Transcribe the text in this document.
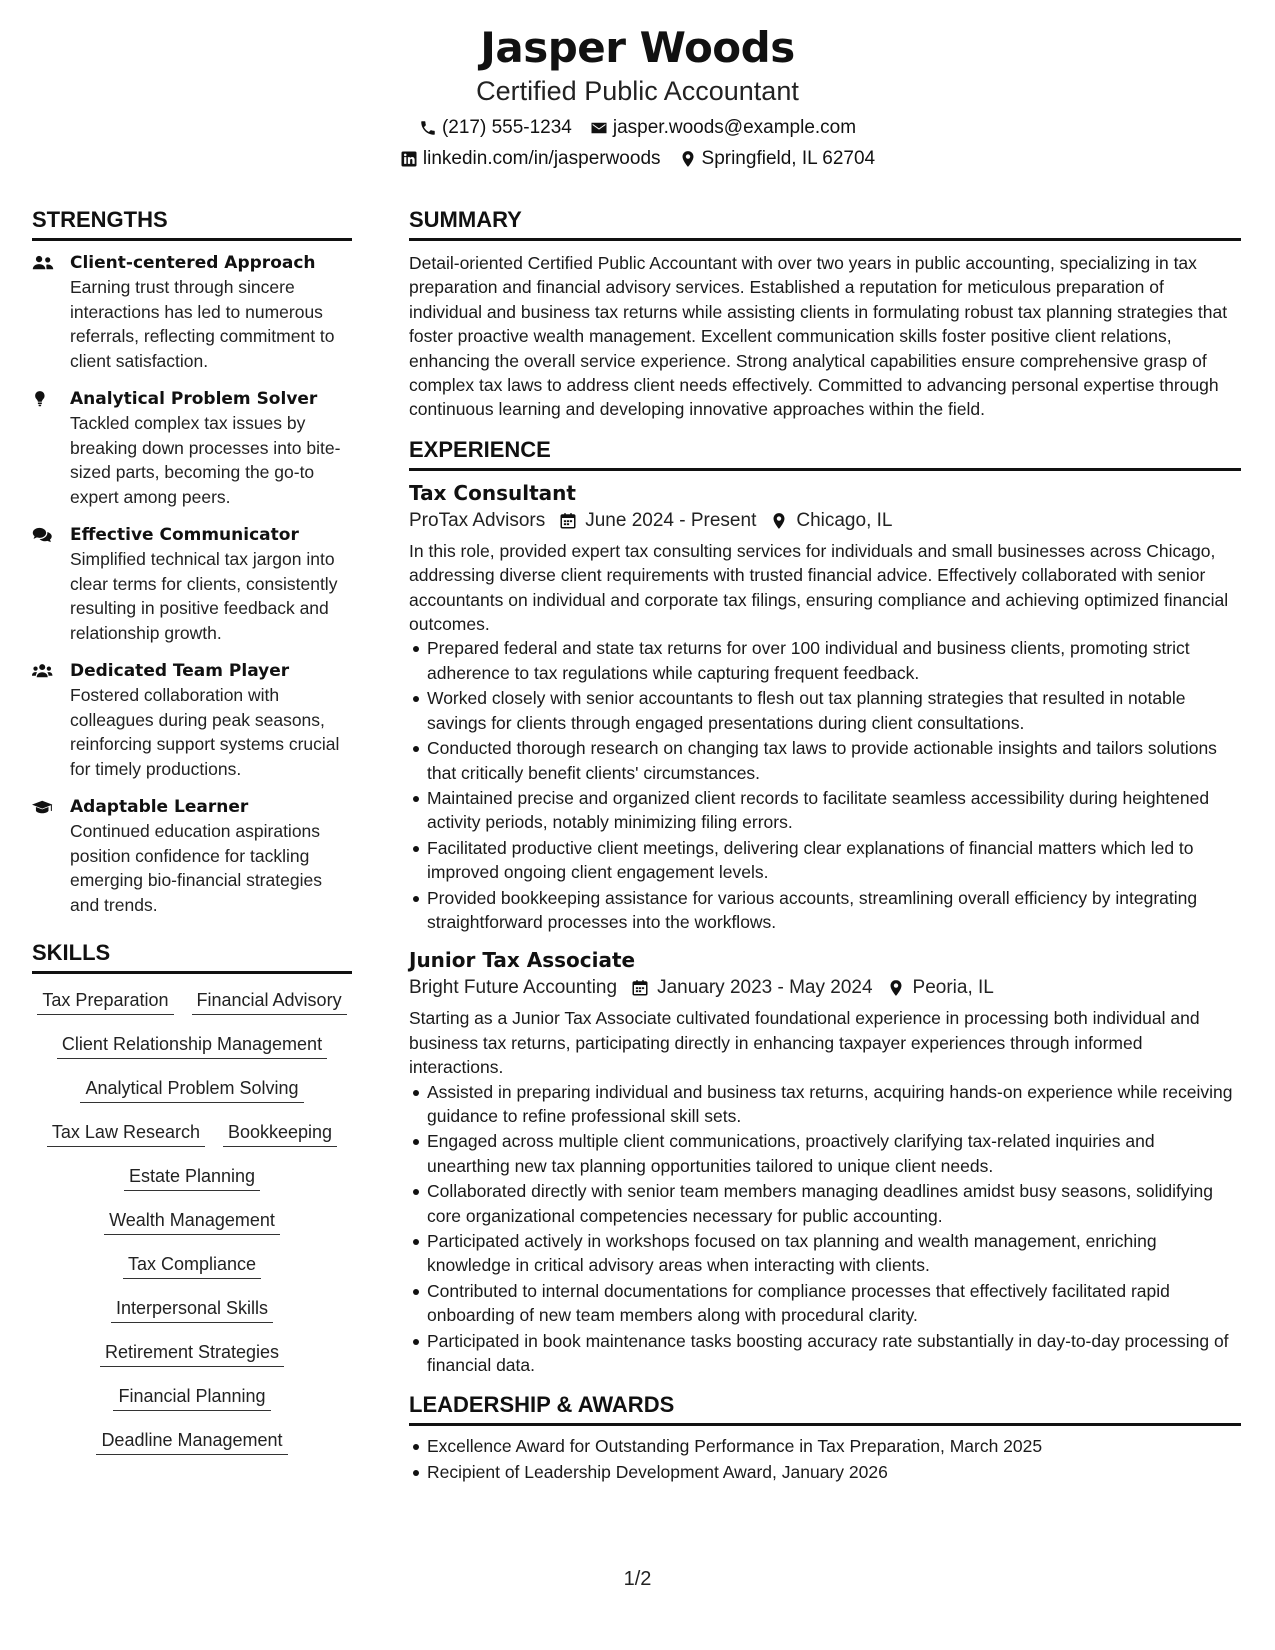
Jasper Woods
Certified Public Accountant
(217) 555-1234 jasper.woods@example.com
linkedin.com/in/jasperwoods Springfield, IL 62704
STRENGTHS
Client-centered Approach
Earning trust through sincere interactions has led to numerous referrals, reflecting commitment to client satisfaction.
Analytical Problem Solver
Tackled complex tax issues by breaking down processes into bite-sized parts, becoming the go-to expert among peers.
Effective Communicator
Simplified technical tax jargon into clear terms for clients, consistently resulting in positive feedback and relationship growth.
Dedicated Team Player
Fostered collaboration with colleagues during peak seasons, reinforcing support systems crucial for timely productions.
Adaptable Learner
Continued education aspirations position confidence for tackling emerging bio-financial strategies and trends.
SKILLS
Tax Preparation Financial Advisory
Client Relationship Management
Analytical Problem Solving
Tax Law Research Bookkeeping
Estate Planning
Wealth Management
Tax Compliance
Interpersonal Skills
Retirement Strategies
Financial Planning
Deadline Management
SUMMARY
Detail-oriented Certified Public Accountant with over two years in public accounting, specializing in tax preparation and financial advisory services. Established a reputation for meticulous preparation of individual and business tax returns while assisting clients in formulating robust tax planning strategies that foster proactive wealth management. Excellent communication skills foster positive client relations, enhancing the overall service experience. Strong analytical capabilities ensure comprehensive grasp of complex tax laws to address client needs effectively. Committed to advancing personal expertise through continuous learning and developing innovative approaches within the field.
EXPERIENCE
Tax Consultant
ProTax Advisors June 2024 - Present Chicago, IL
In this role, provided expert tax consulting services for individuals and small businesses across Chicago, addressing diverse client requirements with trusted financial advice. Effectively collaborated with senior accountants on individual and corporate tax filings, ensuring compliance and achieving optimized financial outcomes.
Prepared federal and state tax returns for over 100 individual and business clients, promoting strict adherence to tax regulations while capturing frequent feedback.
Worked closely with senior accountants to flesh out tax planning strategies that resulted in notable savings for clients through engaged presentations during client consultations.
Conducted thorough research on changing tax laws to provide actionable insights and tailors solutions that critically benefit clients' circumstances.
Maintained precise and organized client records to facilitate seamless accessibility during heightened activity periods, notably minimizing filing errors.
Facilitated productive client meetings, delivering clear explanations of financial matters which led to improved ongoing client engagement levels.
Provided bookkeeping assistance for various accounts, streamlining overall efficiency by integrating straightforward processes into the workflows.
Junior Tax Associate
Bright Future Accounting January 2023 - May 2024 Peoria, IL
Starting as a Junior Tax Associate cultivated foundational experience in processing both individual and business tax returns, participating directly in enhancing taxpayer experiences through informed interactions.
Assisted in preparing individual and business tax returns, acquiring hands-on experience while receiving guidance to refine professional skill sets.
Engaged across multiple client communications, proactively clarifying tax-related inquiries and unearthing new tax planning opportunities tailored to unique client needs.
Collaborated directly with senior team members managing deadlines amidst busy seasons, solidifying core organizational competencies necessary for public accounting.
Participated actively in workshops focused on tax planning and wealth management, enriching knowledge in critical advisory areas when interacting with clients.
Contributed to internal documentations for compliance processes that effectively facilitated rapid onboarding of new team members along with procedural clarity.
Participated in book maintenance tasks boosting accuracy rate substantially in day-to-day processing of financial data.
LEADERSHIP & AWARDS
Excellence Award for Outstanding Performance in Tax Preparation, March 2025
Recipient of Leadership Development Award, January 2026
1/2
